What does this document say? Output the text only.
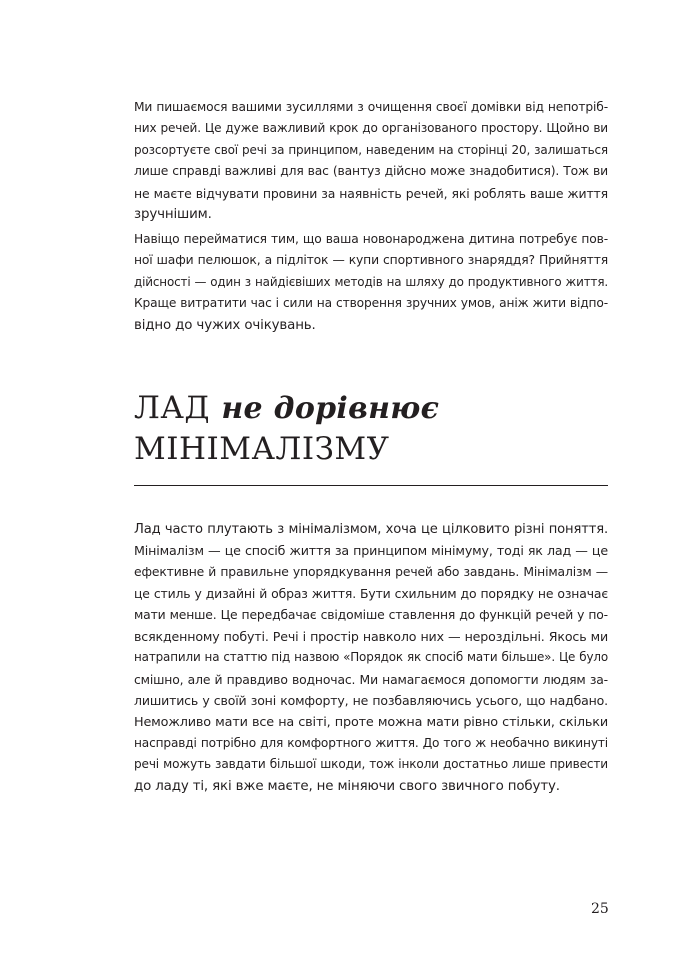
Ми пишаємося вашими зусиллями з очищення своєї домівки від непотріб-
них речей. Це дуже важливий крок до організованого простору. Щойно ви
розсортуєте свої речі за принципом, наведеним на сторінці 20, залишаться
лише справді важливі для вас (вантуз дійсно може знадобитися). Тож ви
не маєте відчувати провини за наявність речей, які роблять ваше життя
зручнішим.
Навіщо перейматися тим, що ваша новонароджена дитина потребує пов-
ної шафи пелюшок, а підліток — купи спортивного знаряддя? Прийняття
дійсності — один з найдієвіших методів на шляху до продуктивного життя.
Краще витратити час і сили на створення зручних умов, аніж жити відпо-
відно до чужих очікувань.
ЛАД не дорівнює
МІНІМАЛІЗМУ
Лад часто плутають з мінімалізмом, хоча це цілковито різні поняття.
Мінімалізм — це спосіб життя за принципом мінімуму, тоді як лад — це
ефективне й правильне упорядкування речей або завдань. Мінімалізм —
це стиль у дизайні й образ життя. Бути схильним до порядку не означає
мати менше. Це передбачає свідоміше ставлення до функцій речей у по-
всякденному побуті. Речі і простір навколо них — нероздільні. Якось ми
натрапили на статтю під назвою «Порядок як спосіб мати більше». Це було
смішно, але й правдиво водночас. Ми намагаємося допомогти людям за-
лишитись у своїй зоні комфорту, не позбавляючись усього, що надбано.
Неможливо мати все на світі, проте можна мати рівно стільки, скільки
насправді потрібно для комфортного життя. До того ж необачно викинуті
речі можуть завдати більшої шкоди, тож інколи достатньо лише привести
до ладу ті, які вже маєте, не міняючи свого звичного побуту.
25
